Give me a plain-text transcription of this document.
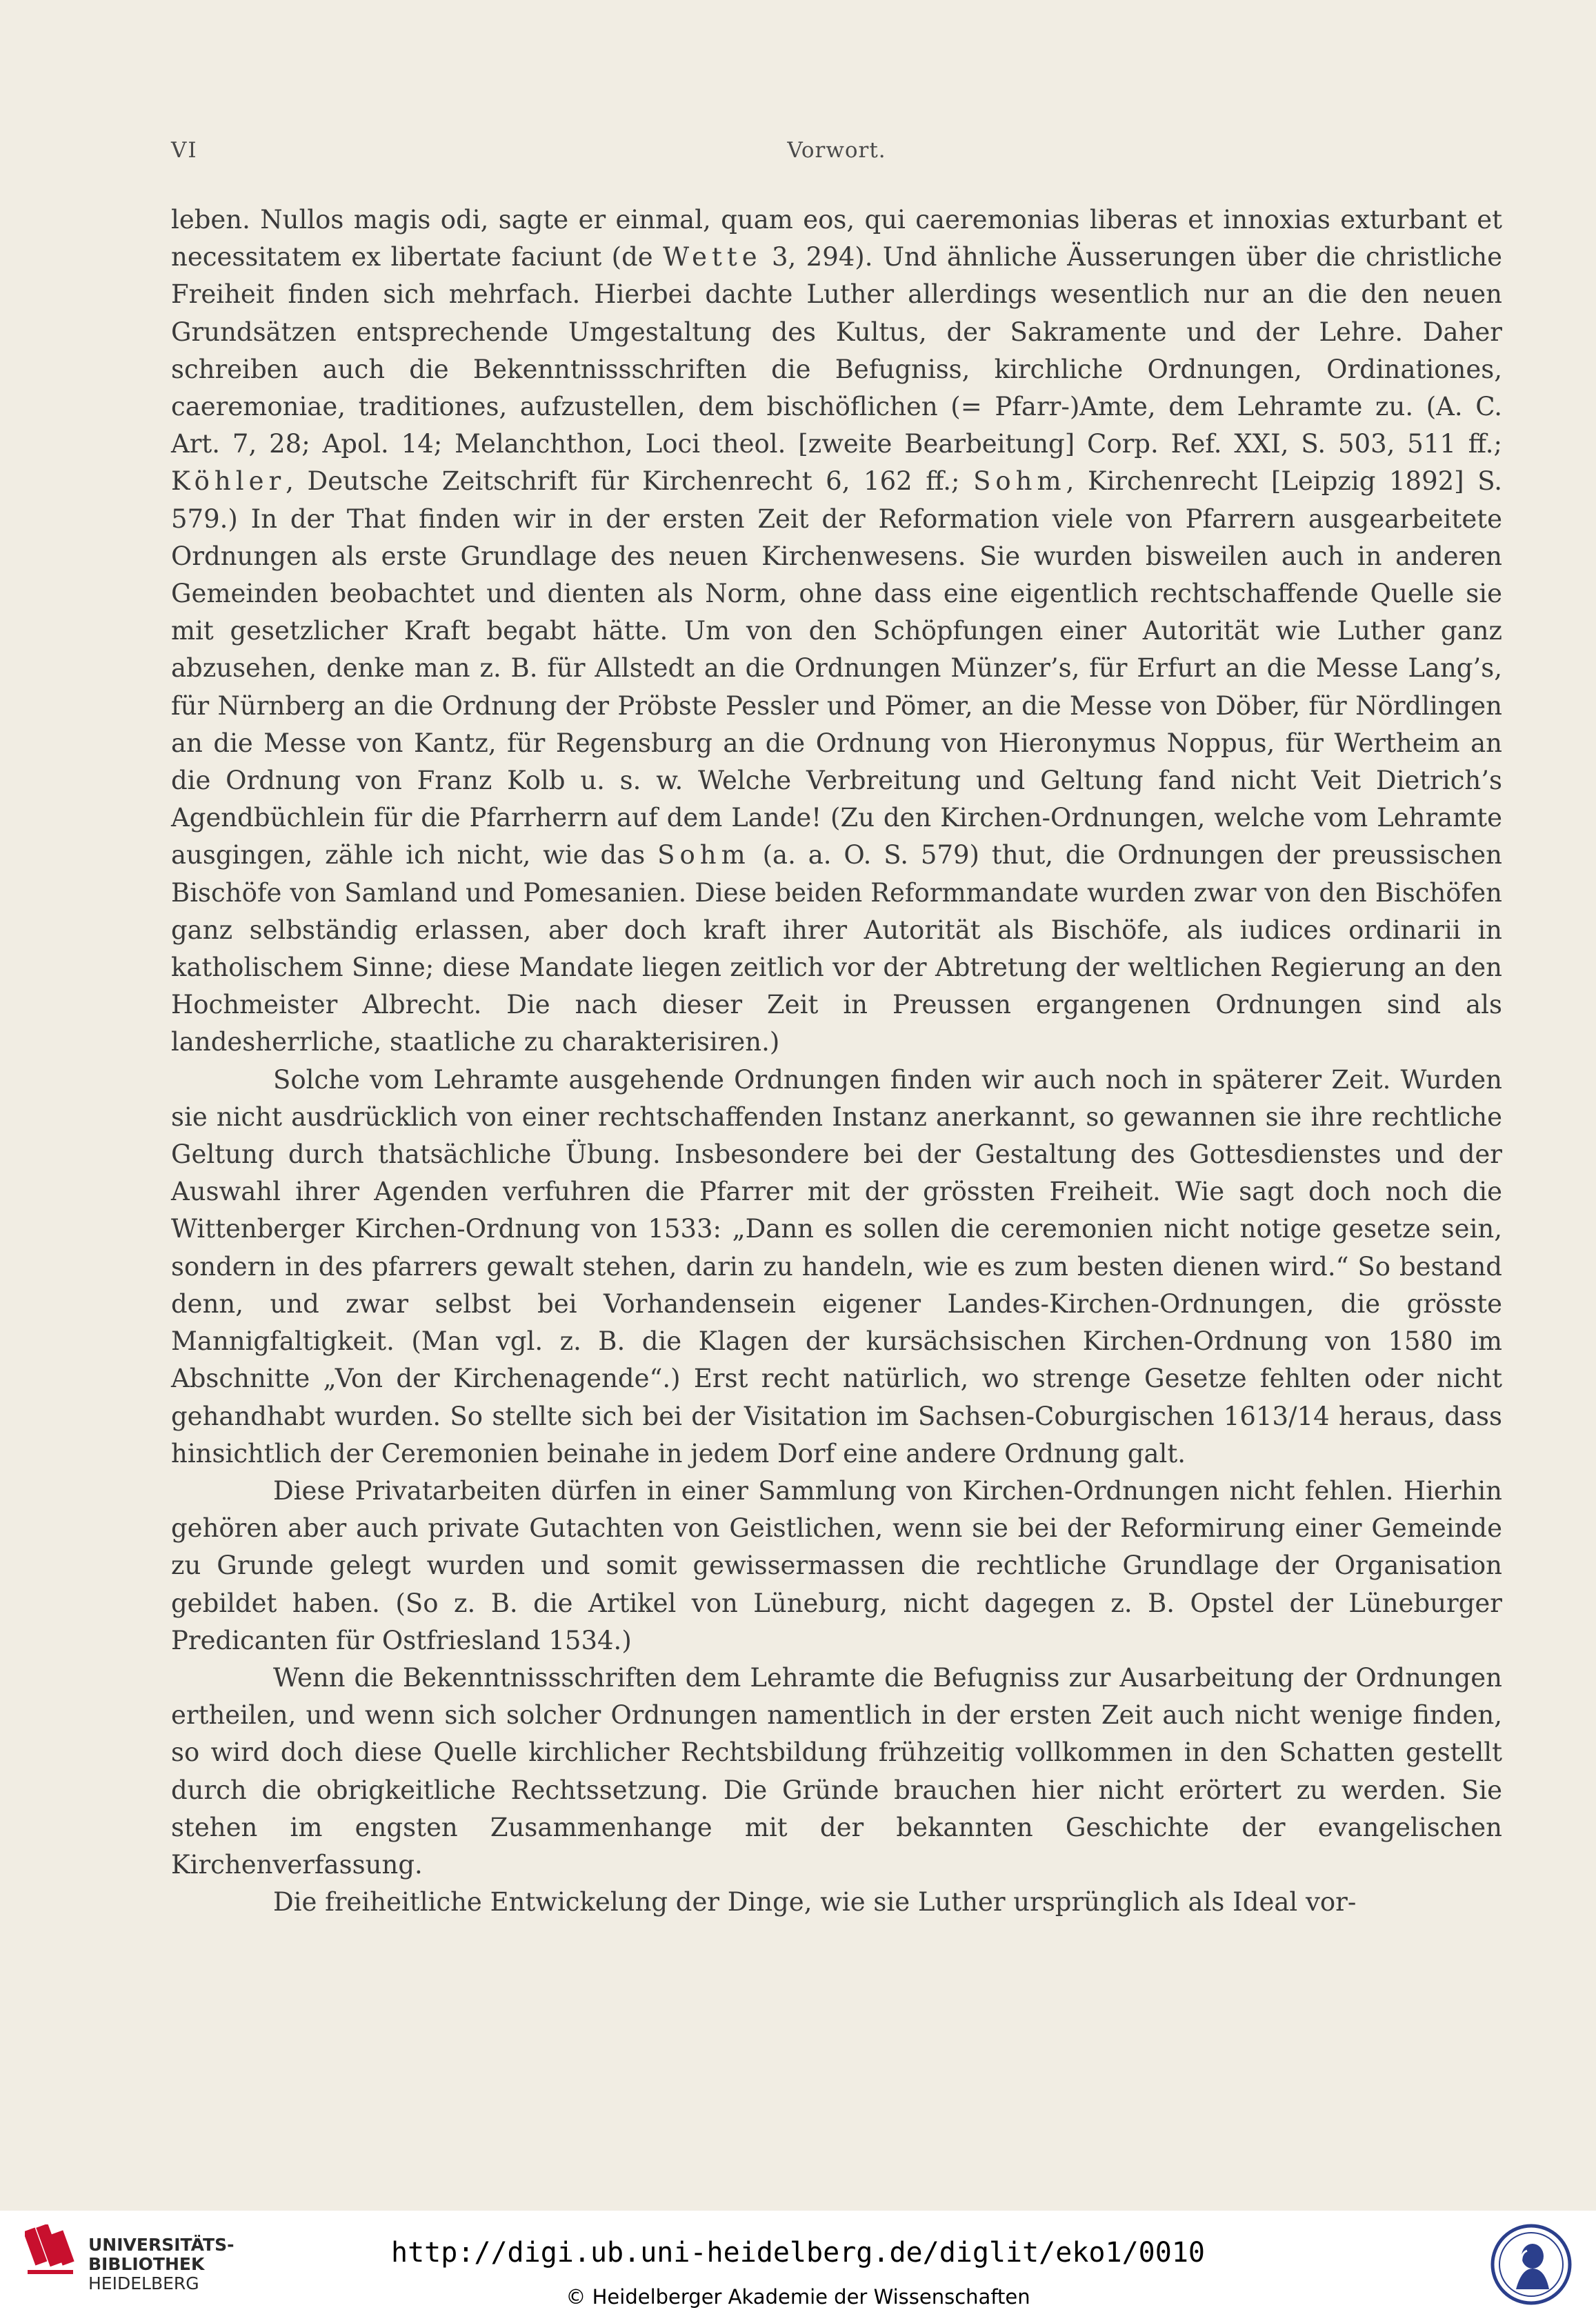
VI	Vorwort.

leben. Nullos magis odi, sagte er einmal, quam eos, qui caeremonias liberas et innoxias exturbant et necessitatem ex libertate faciunt (de Wette 3, 294). Und ähnliche Äusserungen über die christliche Freiheit finden sich mehrfach. Hierbei dachte Luther allerdings wesentlich nur an die den neuen Grundsätzen entsprechende Umgestaltung des Kultus, der Sakramente und der Lehre. Daher schreiben auch die Bekenntnissschriften die Befugniss, kirchliche Ordnungen, Ordinationes, caeremoniae, traditiones, aufzustellen, dem bischöflichen (= Pfarr-)Amte, dem Lehramte zu. (A. C. Art. 7, 28; Apol. 14; Melanchthon, Loci theol. [zweite Bearbeitung] Corp. Ref. XXI, S. 503, 511 ff.; Köhler, Deutsche Zeitschrift für Kirchenrecht 6, 162 ff.; Sohm, Kirchenrecht [Leipzig 1892] S. 579.) In der That finden wir in der ersten Zeit der Reformation viele von Pfarrern ausgearbeitete Ordnungen als erste Grundlage des neuen Kirchenwesens. Sie wurden bisweilen auch in anderen Gemeinden beobachtet und dienten als Norm, ohne dass eine eigentlich rechtschaffende Quelle sie mit gesetzlicher Kraft begabt hätte. Um von den Schöpfungen einer Autorität wie Luther ganz abzusehen, denke man z. B. für Allstedt an die Ordnungen Münzer’s, für Erfurt an die Messe Lang’s, für Nürnberg an die Ordnung der Pröbste Pessler und Pömer, an die Messe von Döber, für Nördlingen an die Messe von Kantz, für Regensburg an die Ordnung von Hieronymus Noppus, für Wertheim an die Ordnung von Franz Kolb u. s. w. Welche Verbreitung und Geltung fand nicht Veit Dietrich’s Agendbüchlein für die Pfarrherrn auf dem Lande! (Zu den Kirchen-Ordnungen, welche vom Lehramte ausgingen, zähle ich nicht, wie das Sohm (a. a. O. S. 579) thut, die Ordnungen der preussischen Bischöfe von Samland und Pomesanien. Diese beiden Reformmandate wurden zwar von den Bischöfen ganz selbständig erlassen, aber doch kraft ihrer Autorität als Bischöfe, als iudices ordinarii in katholischem Sinne; diese Mandate liegen zeitlich vor der Abtretung der weltlichen Regierung an den Hochmeister Albrecht. Die nach dieser Zeit in Preussen ergangenen Ordnungen sind als landesherrliche, staatliche zu charakterisiren.)

Solche vom Lehramte ausgehende Ordnungen finden wir auch noch in späterer Zeit. Wurden sie nicht ausdrücklich von einer rechtschaffenden Instanz anerkannt, so gewannen sie ihre rechtliche Geltung durch thatsächliche Übung. Insbesondere bei der Gestaltung des Gottesdienstes und der Auswahl ihrer Agenden verfuhren die Pfarrer mit der grössten Freiheit. Wie sagt doch noch die Wittenberger Kirchen-Ordnung von 1533: „Dann es sollen die ceremonien nicht notige gesetze sein, sondern in des pfarrers gewalt stehen, darin zu handeln, wie es zum besten dienen wird.“ So bestand denn, und zwar selbst bei Vorhandensein eigener Landes-Kirchen-Ordnungen, die grösste Mannigfaltigkeit. (Man vgl. z. B. die Klagen der kursächsischen Kirchen-Ordnung von 1580 im Abschnitte „Von der Kirchenagende“.) Erst recht natürlich, wo strenge Gesetze fehlten oder nicht gehandhabt wurden. So stellte sich bei der Visitation im Sachsen-Coburgischen 1613/14 heraus, dass hinsichtlich der Ceremonien beinahe in jedem Dorf eine andere Ordnung galt.

Diese Privatarbeiten dürfen in einer Sammlung von Kirchen-Ordnungen nicht fehlen. Hierhin gehören aber auch private Gutachten von Geistlichen, wenn sie bei der Reformirung einer Gemeinde zu Grunde gelegt wurden und somit gewissermassen die rechtliche Grundlage der Organisation gebildet haben. (So z. B. die Artikel von Lüneburg, nicht dagegen z. B. Opstel der Lüneburger Predicanten für Ostfriesland 1534.)

Wenn die Bekenntnissschriften dem Lehramte die Befugniss zur Ausarbeitung der Ordnungen ertheilen, und wenn sich solcher Ordnungen namentlich in der ersten Zeit auch nicht wenige finden, so wird doch diese Quelle kirchlicher Rechtsbildung frühzeitig vollkommen in den Schatten gestellt durch die obrigkeitliche Rechtssetzung. Die Gründe brauchen hier nicht erörtert zu werden. Sie stehen im engsten Zusammenhange mit der bekannten Geschichte der evangelischen Kirchenverfassung.

Die freiheitliche Entwickelung der Dinge, wie sie Luther ursprünglich als Ideal vor-

UNIVERSITÄTS-
BIBLIOTHEK
HEIDELBERG
http://digi.ub.uni-heidelberg.de/diglit/eko1/0010
© Heidelberger Akademie der Wissenschaften
